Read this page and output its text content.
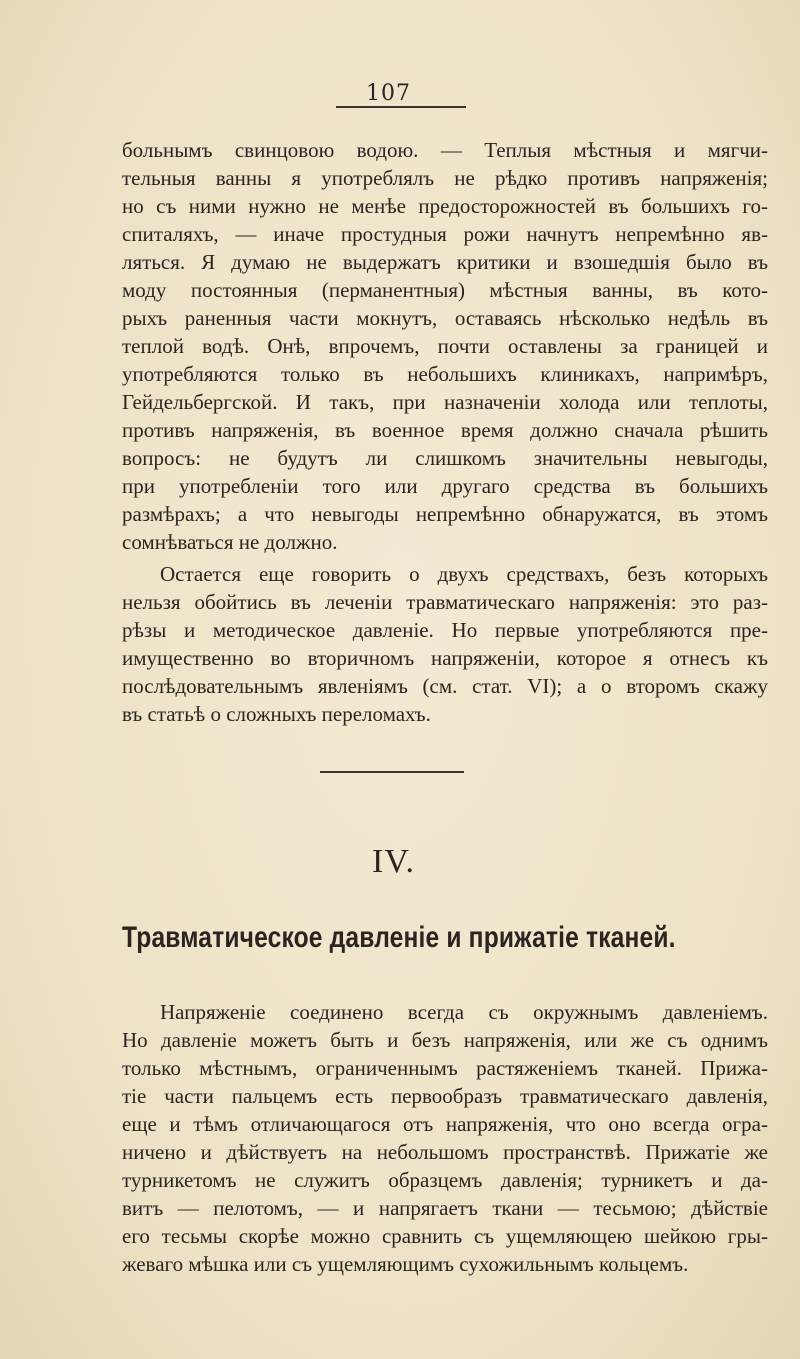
107
больнымъ свинцовою водою. — Теплыя мѣстныя и мягчи-
тельныя ванны я употреблялъ не рѣдко противъ напряженія;
но съ ними нужно не менѣе предосторожностей въ большихъ го-
спиталяхъ, — иначе простудныя рожи начнутъ непремѣнно яв-
ляться. Я думаю не выдержатъ критики и взошедшія было въ
моду постоянныя (перманентныя) мѣстныя ванны, въ кото-
рыхъ раненныя части мокнутъ, оставаясь нѣсколько недѣль въ
теплой водѣ. Онѣ, впрочемъ, почти оставлены за границей и
употребляются только въ небольшихъ клиникахъ, напримѣръ,
Гейдельбергской. И такъ, при назначеніи холода или теплоты,
противъ напряженія, въ военное время должно сначала рѣшить
вопросъ: не будутъ ли слишкомъ значительны невыгоды,
при употребленіи того или другаго средства въ большихъ
размѣрахъ; а что невыгоды непремѣнно обнаружатся, въ этомъ
сомнѣваться не должно.
Остается еще говорить о двухъ средствахъ, безъ которыхъ
нельзя обойтись въ леченіи травматическаго напряженія: это раз-
рѣзы и методическое давленіе. Но первые употребляются пре-
имущественно во вторичномъ напряженіи, которое я отнесъ къ
послѣдовательнымъ явленіямъ (см. стат. VI); а о второмъ скажу
въ статьѣ о сложныхъ переломахъ.
IV.
Травматическое давленіе и прижатіе тканей.
Напряженіе соединено всегда съ окружнымъ давленіемъ.
Но давленіе можетъ быть и безъ напряженія, или же съ однимъ
только мѣстнымъ, ограниченнымъ растяженіемъ тканей. Прижа-
тіе части пальцемъ есть первообразъ травматическаго давленія,
еще и тѣмъ отличающагося отъ напряженія, что оно всегда огра-
ничено и дѣйствуетъ на небольшомъ пространствѣ. Прижатіе же
турникетомъ не служитъ образцемъ давленія; турникетъ и да-
витъ — пелотомъ, — и напрягаетъ ткани — тесьмою; дѣйствіе
его тесьмы скорѣе можно сравнить съ ущемляющею шейкою гры-
жеваго мѣшка или съ ущемляющимъ сухожильнымъ кольцемъ.
